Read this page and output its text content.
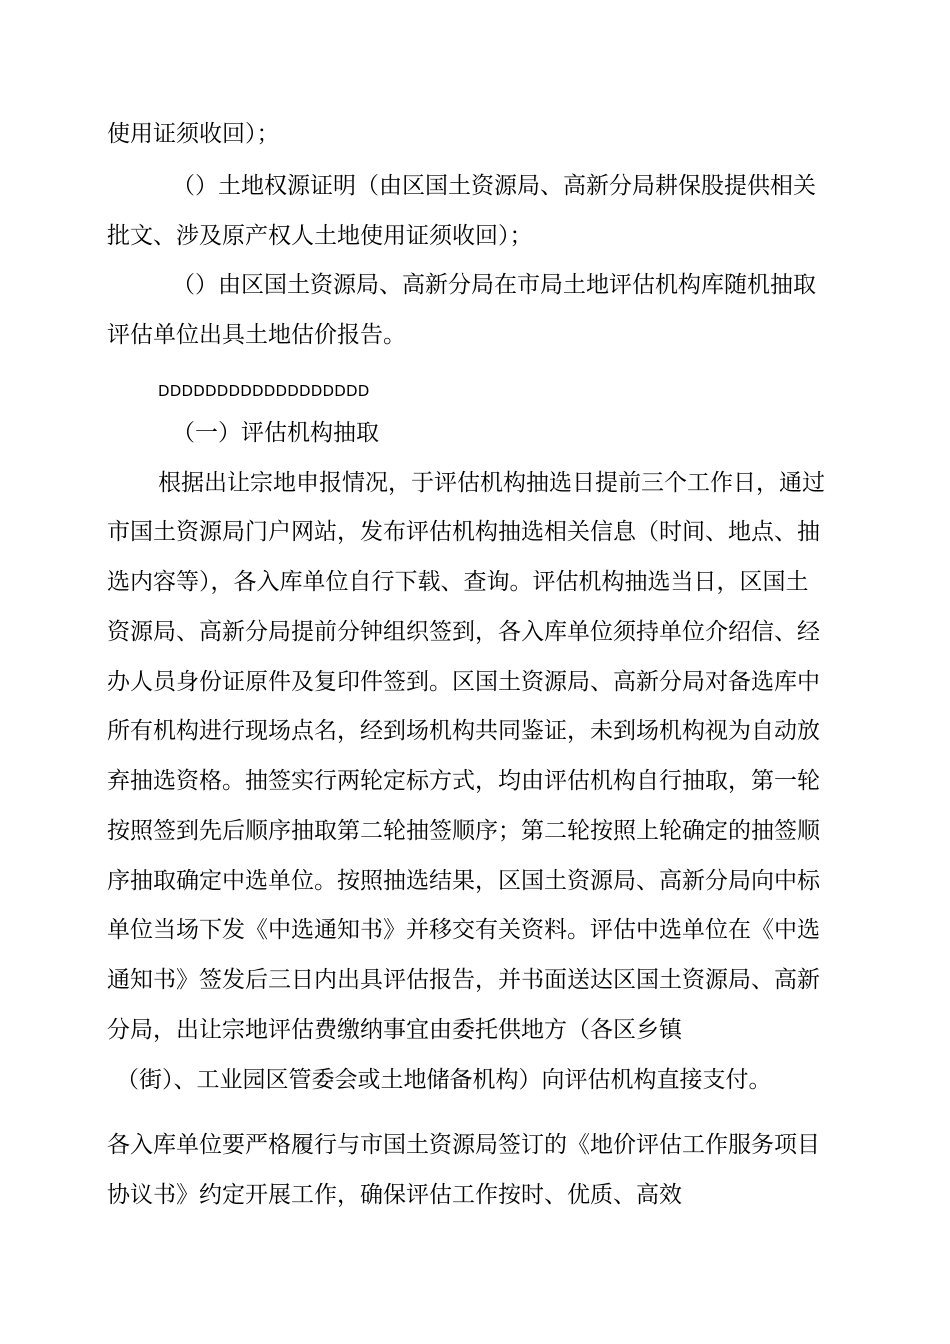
使用证须收回）；

（）土地权源证明（由区国土资源局、高新分局耕保股提供相关

批文、涉及原产权人土地使用证须收回）；

（）由区国土资源局、高新分局在市局土地评估机构库随机抽取

评估单位出具土地估价报告。

DDDDDDDDDDDDDDDDDD

（一）评估机构抽取

根据出让宗地申报情况，于评估机构抽选日提前三个工作日，通过

市国土资源局门户网站，发布评估机构抽选相关信息（时间、地点、抽

选内容等），各入库单位自行下载、查询。评估机构抽选当日，区国土

资源局、高新分局提前分钟组织签到，各入库单位须持单位介绍信、经

办人员身份证原件及复印件签到。区国土资源局、高新分局对备选库中

所有机构进行现场点名，经到场机构共同鉴证，未到场机构视为自动放

弃抽选资格。抽签实行两轮定标方式，均由评估机构自行抽取，第一轮

按照签到先后顺序抽取第二轮抽签顺序；第二轮按照上轮确定的抽签顺

序抽取确定中选单位。按照抽选结果，区国土资源局、高新分局向中标

单位当场下发《中选通知书》并移交有关资料。评估中选单位在《中选

通知书》签发后三日内出具评估报告，并书面送达区国土资源局、高新

分局，出让宗地评估费缴纳事宜由委托供地方（各区乡镇

（街）、工业园区管委会或土地储备机构）向评估机构直接支付。

各入库单位要严格履行与市国土资源局签订的《地价评估工作服务项目

协议书》约定开展工作，确保评估工作按时、优质、高效
